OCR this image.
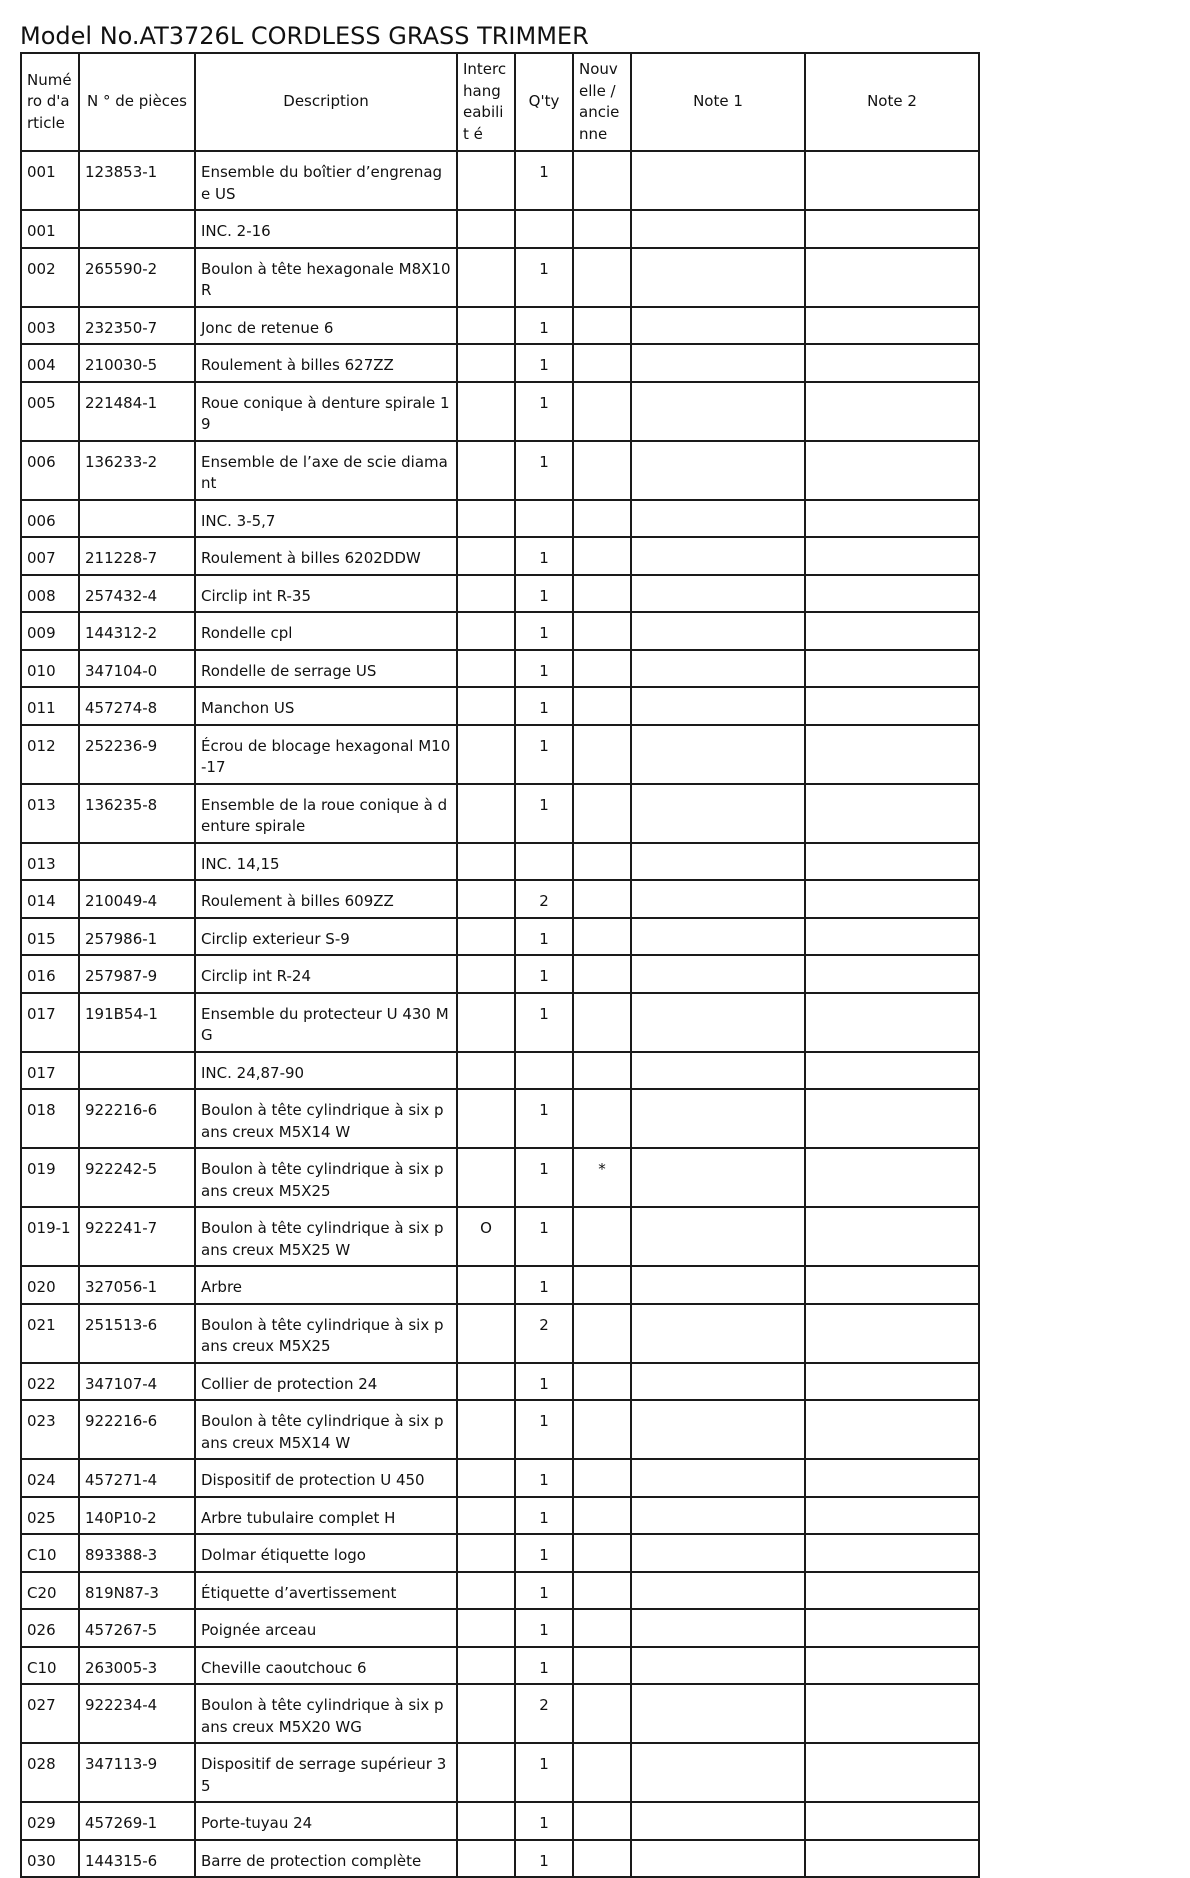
Model No.AT3726L CORDLESS GRASS TRIMMER
Numé ro d'a rticle	N ° de pièces	Description	Interc hang eabilit é	Q'ty	Nouv elle / ancie nne	Note 1	Note 2
001	123853-1	Ensemble du boîtier d’engrenage US		1			
001		INC. 2-16					
002	265590-2	Boulon à tête hexagonale M8X10 R		1			
003	232350-7	Jonc de retenue 6		1			
004	210030-5	Roulement à billes 627ZZ		1			
005	221484-1	Roue conique à denture spirale 19		1			
006	136233-2	Ensemble de l’axe de scie diamant		1			
006		INC. 3-5,7					
007	211228-7	Roulement à billes 6202DDW		1			
008	257432-4	Circlip int R-35		1			
009	144312-2	Rondelle cpl		1			
010	347104-0	Rondelle de serrage US		1			
011	457274-8	Manchon US		1			
012	252236-9	Écrou de blocage hexagonal M10-17		1			
013	136235-8	Ensemble de la roue conique à denture spirale		1			
013		INC. 14,15					
014	210049-4	Roulement à billes 609ZZ		2			
015	257986-1	Circlip exterieur S-9		1			
016	257987-9	Circlip int R-24		1			
017	191B54-1	Ensemble du protecteur U 430 MG		1			
017		INC. 24,87-90					
018	922216-6	Boulon à tête cylindrique à six pans creux M5X14 W		1			
019	922242-5	Boulon à tête cylindrique à six pans creux M5X25		1	*		
019-1	922241-7	Boulon à tête cylindrique à six pans creux M5X25 W	O	1			
020	327056-1	Arbre		1			
021	251513-6	Boulon à tête cylindrique à six pans creux M5X25		2			
022	347107-4	Collier de protection 24		1			
023	922216-6	Boulon à tête cylindrique à six pans creux M5X14 W		1			
024	457271-4	Dispositif de protection U 450		1			
025	140P10-2	Arbre tubulaire complet H		1			
C10	893388-3	Dolmar étiquette logo		1			
C20	819N87-3	Étiquette d’avertissement		1			
026	457267-5	Poignée arceau		1			
C10	263005-3	Cheville caoutchouc 6		1			
027	922234-4	Boulon à tête cylindrique à six pans creux M5X20 WG		2			
028	347113-9	Dispositif de serrage supérieur 35		1			
029	457269-1	Porte-tuyau 24		1			
030	144315-6	Barre de protection complète		1			
